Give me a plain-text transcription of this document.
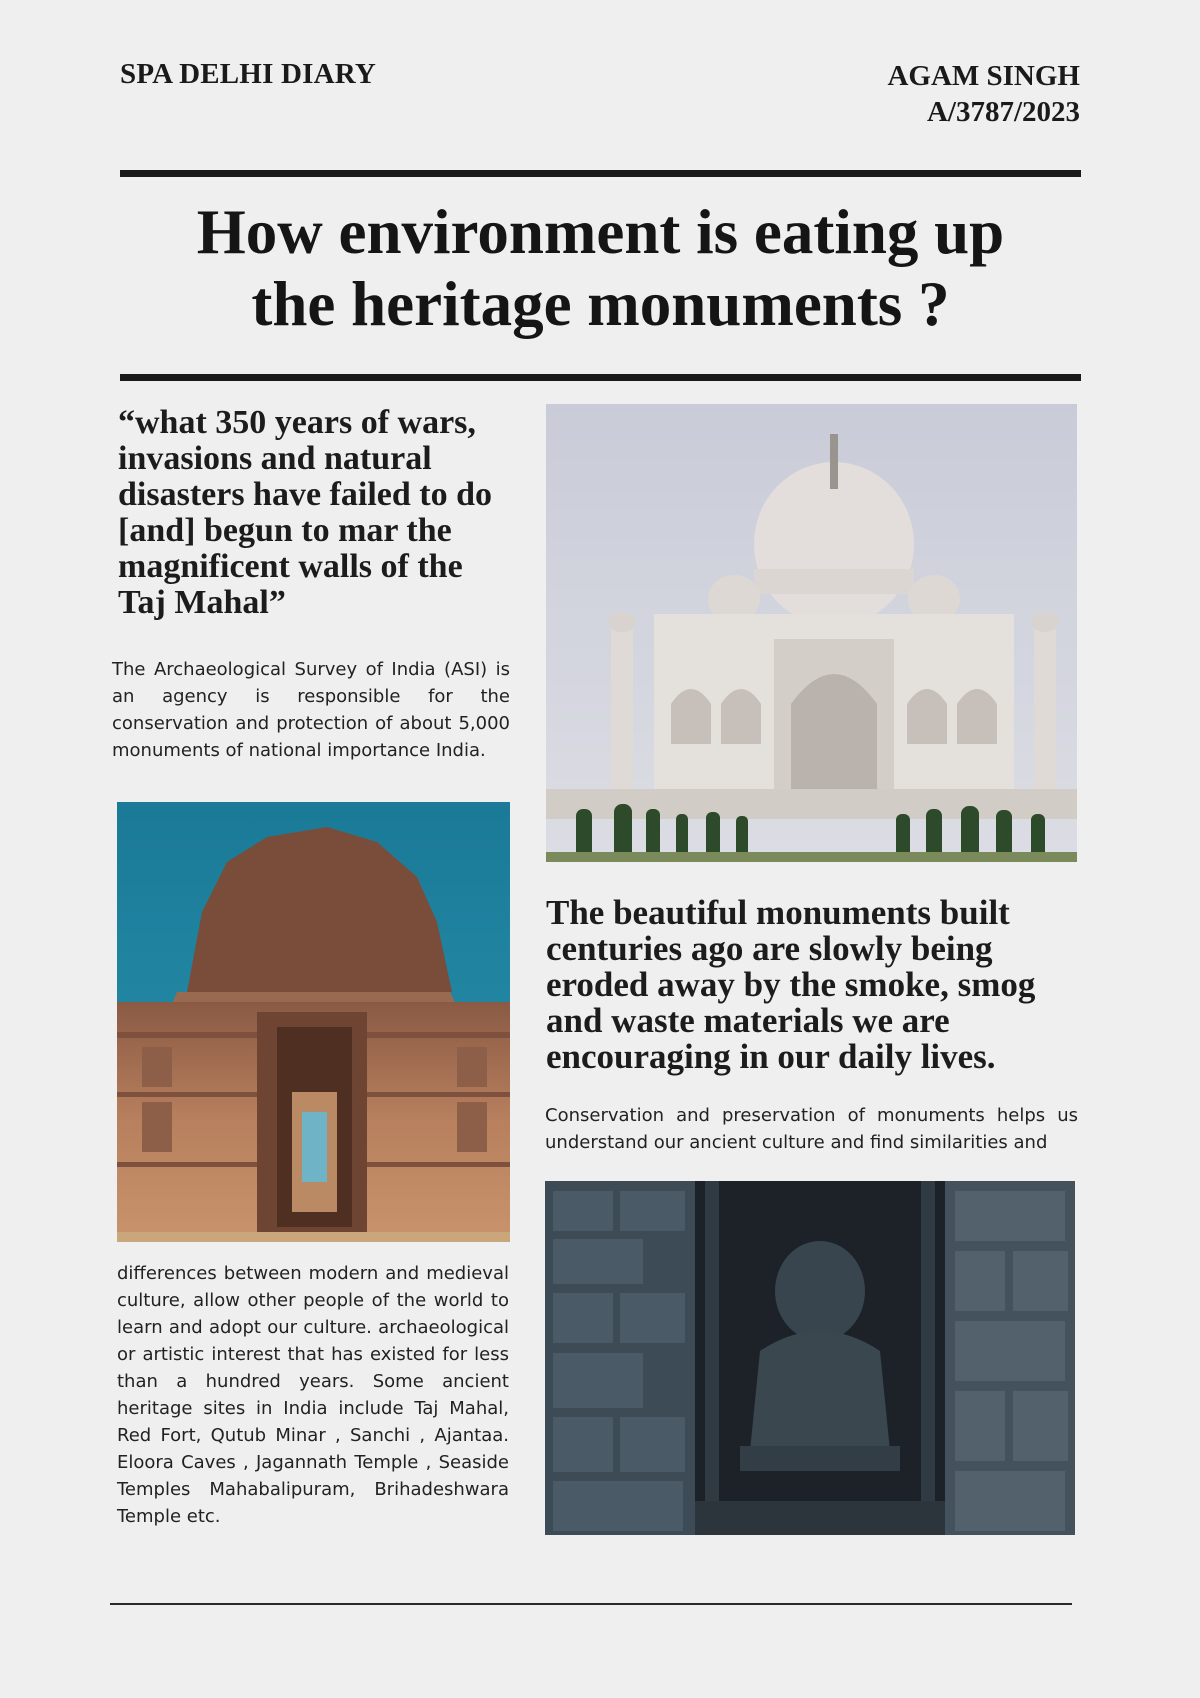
SPA DELHI DIARY	AGAM SINGH
A/3787/2023
How environment is eating up
the heritage monuments ?
“what 350 years of wars, invasions and natural disasters have failed to do [and] begun to mar the magnificent walls of the Taj Mahal”

The Archaeological Survey of India (ASI) is an agency is responsible for the conservation and protection of about 5,000 monuments of national importance India.

differences between modern and medieval culture, allow other people of the world to learn and adopt our culture. archaeological or artistic interest that has existed for less than a hundred years. Some ancient heritage sites in India include Taj Mahal, Red Fort, Qutub Minar , Sanchi , Ajantaa. Eloora Caves , Jagannath Temple , Seaside Temples Mahabalipuram, Brihadeshwara Temple etc.

The beautiful monuments built centuries ago are slowly being eroded away by the smoke, smog and waste materials we are encouraging in our daily lives.

Conservation and preservation of monuments helps us understand our ancient culture and find similarities and
